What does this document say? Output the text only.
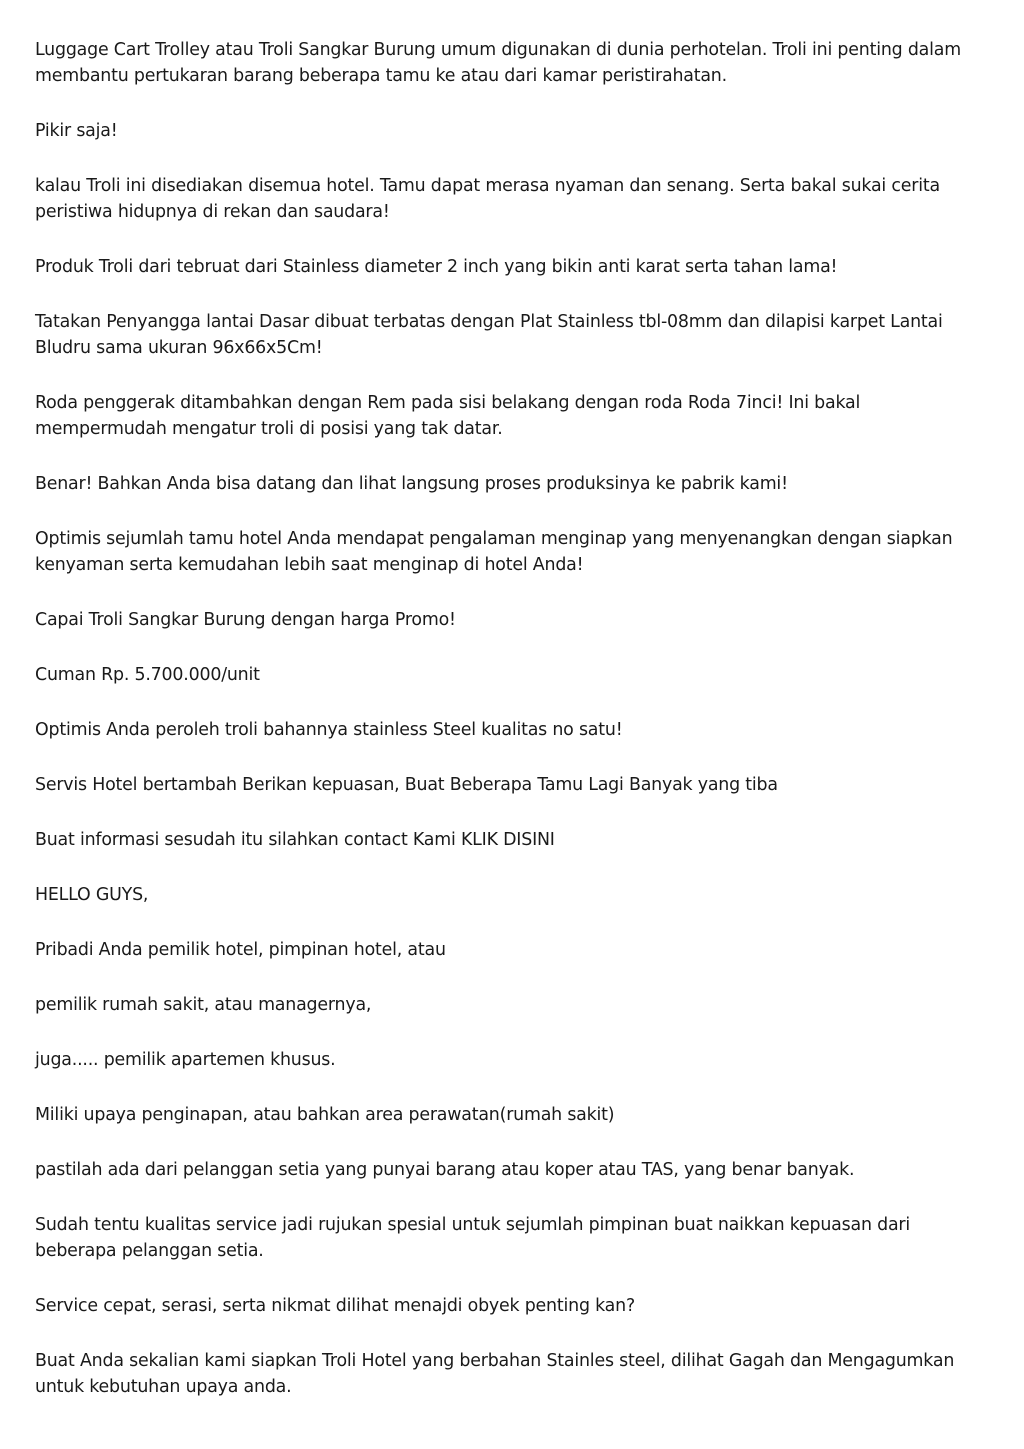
Luggage Cart Trolley atau Troli Sangkar Burung umum digunakan di dunia perhotelan. Troli ini penting dalam membantu pertukaran barang beberapa tamu ke atau dari kamar peristirahatan.

Pikir saja!

kalau Troli ini disediakan disemua hotel. Tamu dapat merasa nyaman dan senang. Serta bakal sukai cerita peristiwa hidupnya di rekan dan saudara!

Produk Troli dari tebruat dari Stainless diameter 2 inch yang bikin anti karat serta tahan lama!

Tatakan Penyangga lantai Dasar dibuat terbatas dengan Plat Stainless tbl-08mm dan dilapisi karpet Lantai Bludru sama ukuran 96x66x5Cm!

Roda penggerak ditambahkan dengan Rem pada sisi belakang dengan roda Roda 7inci! Ini bakal mempermudah mengatur troli di posisi yang tak datar.

Benar! Bahkan Anda bisa datang dan lihat langsung proses produksinya ke pabrik kami!

Optimis sejumlah tamu hotel Anda mendapat pengalaman menginap yang menyenangkan dengan siapkan kenyaman serta kemudahan lebih saat menginap di hotel Anda!

Capai Troli Sangkar Burung dengan harga Promo!

Cuman Rp. 5.700.000/unit

Optimis Anda peroleh troli bahannya stainless Steel kualitas no satu!

Servis Hotel bertambah Berikan kepuasan, Buat Beberapa Tamu Lagi Banyak yang tiba

Buat informasi sesudah itu silahkan contact Kami KLIK DISINI

HELLO GUYS,

Pribadi Anda pemilik hotel, pimpinan hotel, atau

pemilik rumah sakit, atau managernya,

juga..... pemilik apartemen khusus.

Miliki upaya penginapan, atau bahkan area perawatan(rumah sakit)

pastilah ada dari pelanggan setia yang punyai barang atau koper atau TAS, yang benar banyak.

Sudah tentu kualitas service jadi rujukan spesial untuk sejumlah pimpinan buat naikkan kepuasan dari beberapa pelanggan setia.

Service cepat, serasi, serta nikmat dilihat menajdi obyek penting kan?

Buat Anda sekalian kami siapkan Troli Hotel yang berbahan Stainles steel, dilihat Gagah dan Mengagumkan untuk kebutuhan upaya anda.
